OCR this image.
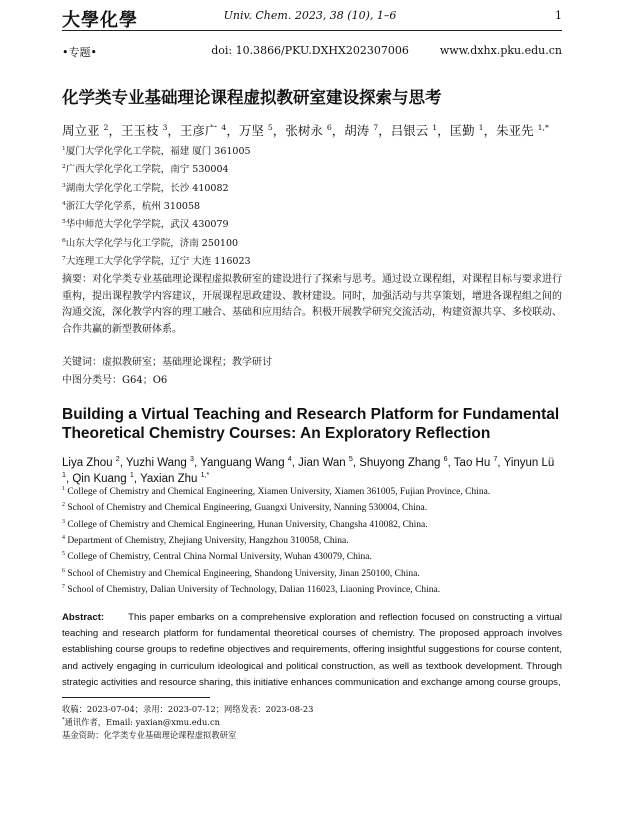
大學化學	Univ. Chem. 2023, 38 (10), 1–6	1
•专题•	doi: 10.3866/PKU.DXHX202307006	www.dxhx.pku.edu.cn
化学类专业基础理论课程虚拟教研室建设探索与思考
周立亚 $^2$，王玉枝 $^3$，王彦广 $^4$，万坚 $^5$，张树永 $^6$，胡涛 $^7$，吕银云 $^1$，匡勤 $^1$，朱亚先 $^{1,*}$
$^1$厦门大学化学化工学院，福建 厦门 361005
$^2$广西大学化学化工学院，南宁 530004
$^3$湖南大学化学化工学院，长沙 410082
$^4$浙江大学化学系，杭州 310058
$^5$华中师范大学化学学院，武汉 430079
$^6$山东大学化学与化工学院，济南 250100
$^7$大连理工大学化学学院，辽宁 大连 116023
摘要：对化学类专业基础理论课程虚拟教研室的建设进行了探索与思考。通过设立课程组，对课程目标与要求进行重构，提出课程教学内容建议，开展课程思政建设、教材建设。同时，加强活动与共享策划，增进各课程组之间的沟通交流，深化教学内容的理工融合、基础和应用结合。积极开展教学研究交流活动，构建资源共享、多校联动、合作共赢的新型教研体系。
关键词：虚拟教研室；基础理论课程；教学研讨
中图分类号：G64；O6
Building a Virtual Teaching and Research Platform for Fundamental Theoretical Chemistry Courses: An Exploratory Reflection
Liya Zhou $^2$, Yuzhi Wang $^3$, Yanguang Wang $^4$, Jian Wan $^5$, Shuyong Zhang $^6$, Tao Hu $^7$, Yinyun Lü $^1$, Qin Kuang $^1$, Yaxian Zhu $^{1,*}$
$^1$ College of Chemistry and Chemical Engineering, Xiamen University, Xiamen 361005, Fujian Province, China.
$^2$ School of Chemistry and Chemical Engineering, Guangxi University, Nanning 530004, China.
$^3$ College of Chemistry and Chemical Engineering, Hunan University, Changsha 410082, China.
$^4$ Department of Chemistry, Zhejiang University, Hangzhou 310058, China.
$^5$ College of Chemistry, Central China Normal University, Wuhan 430079, China.
$^6$ School of Chemistry and Chemical Engineering, Shandong University, Jinan 250100, China.
$^7$ School of Chemistry, Dalian University of Technology, Dalian 116023, Liaoning Province, China.
Abstract:	This paper embarks on a comprehensive exploration and reflection focused on constructing a virtual teaching and research platform for fundamental theoretical courses of chemistry. The proposed approach involves establishing course groups to redefine objectives and requirements, offering insightful suggestions for course content, and actively engaging in curriculum ideological and political construction, as well as textbook development. Through strategic activities and resource sharing, this initiative enhances communication and exchange among course groups,
收稿：2023-07-04；录用：2023-07-12；网络发表：2023-08-23
*通讯作者，Email: yaxian@xmu.edu.cn
基金资助：化学类专业基础理论课程虚拟教研室
